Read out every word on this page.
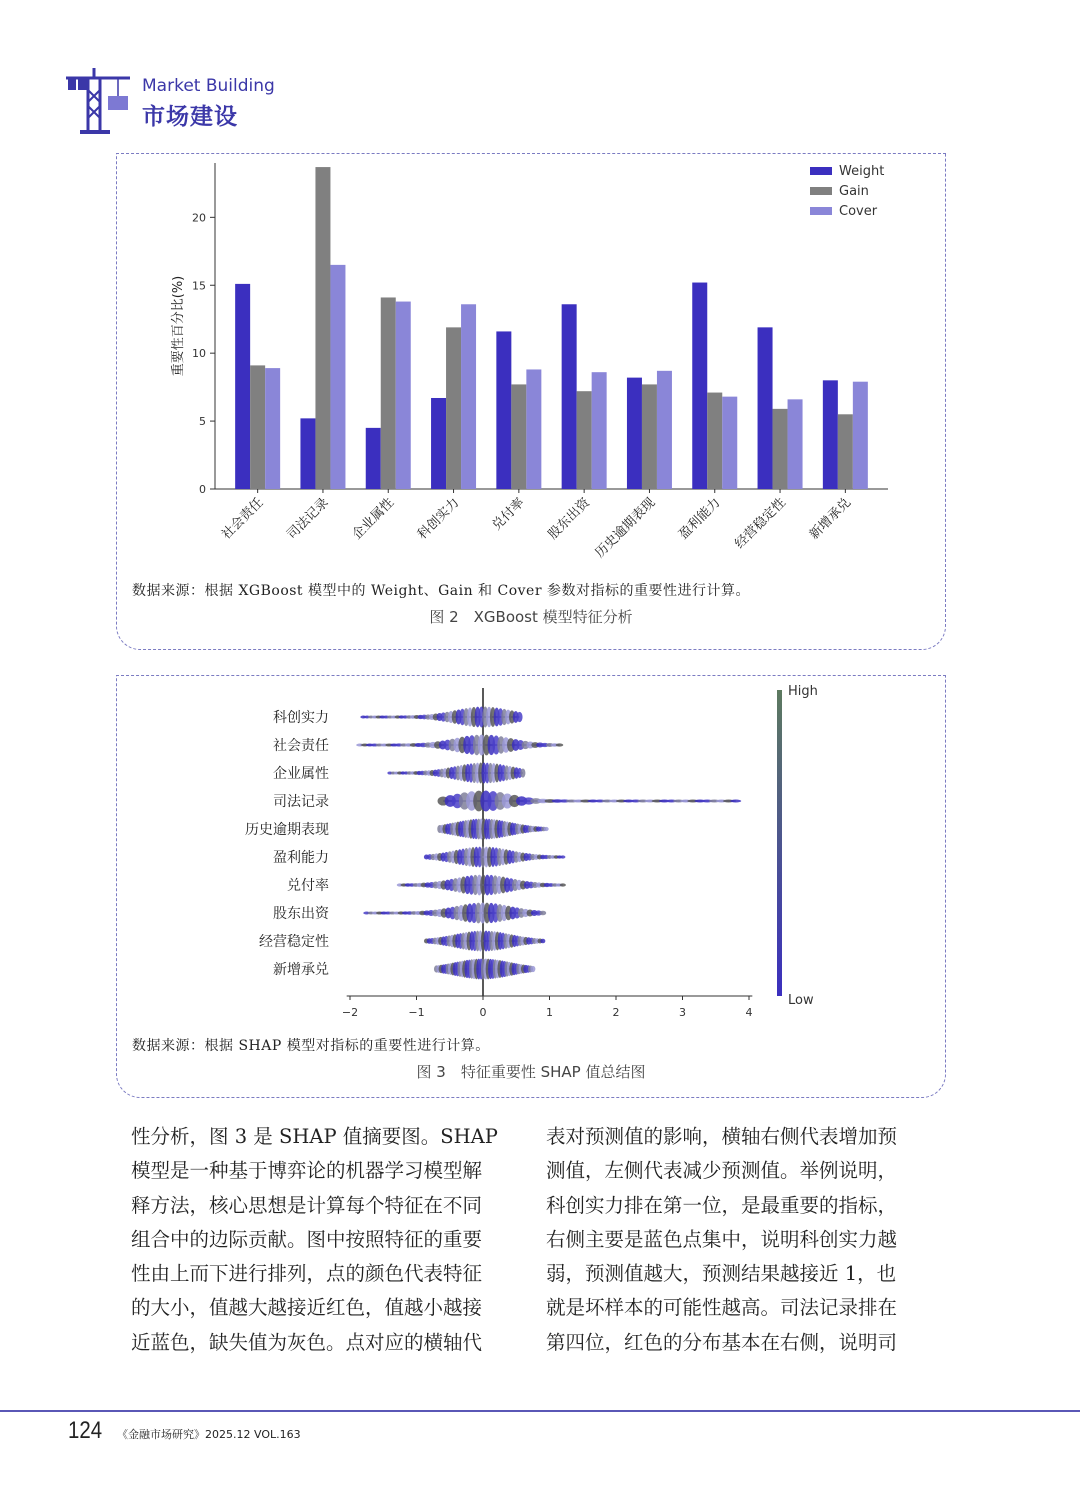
Market Building
市场建设
0
5
10
15
20
重要性百分比(%)
社会责任 司法记录 企业属性 科创实力 兑付率 股东出资 历史逾期表现 盈利能力 经营稳定性 新增承兑
Weight
Gain
Cover
数据来源：根据 XGBoost 模型中的 Weight、Gain 和 Cover 参数对指标的重要性进行计算。
图 2　XGBoost 模型特征分析
−2	−1	0	1	2	3	4
科创实力
社会责任
企业属性
司法记录
历史逾期表现
盈利能力
兑付率
股东出资
经营稳定性
新增承兑
High
Low
数据来源：根据 SHAP 模型对指标的重要性进行计算。
图 3　特征重要性 SHAP 值总结图
性分析，图 3 是 SHAP 值摘要图。SHAP
模型是一种基于博弈论的机器学习模型解
释方法，核心思想是计算每个特征在不同
组合中的边际贡献。图中按照特征的重要
性由上而下进行排列，点的颜色代表特征
的大小，值越大越接近红色，值越小越接
近蓝色，缺失值为灰色。点对应的横轴代
表对预测值的影响，横轴右侧代表增加预
测值，左侧代表减少预测值。举例说明，
科创实力排在第一位，是最重要的指标，
右侧主要是蓝色点集中，说明科创实力越
弱，预测值越大，预测结果越接近 1，也
就是坏样本的可能性越高。司法记录排在
第四位，红色的分布基本在右侧，说明司
124 《金融市场研究》2025.12 VOL.163
